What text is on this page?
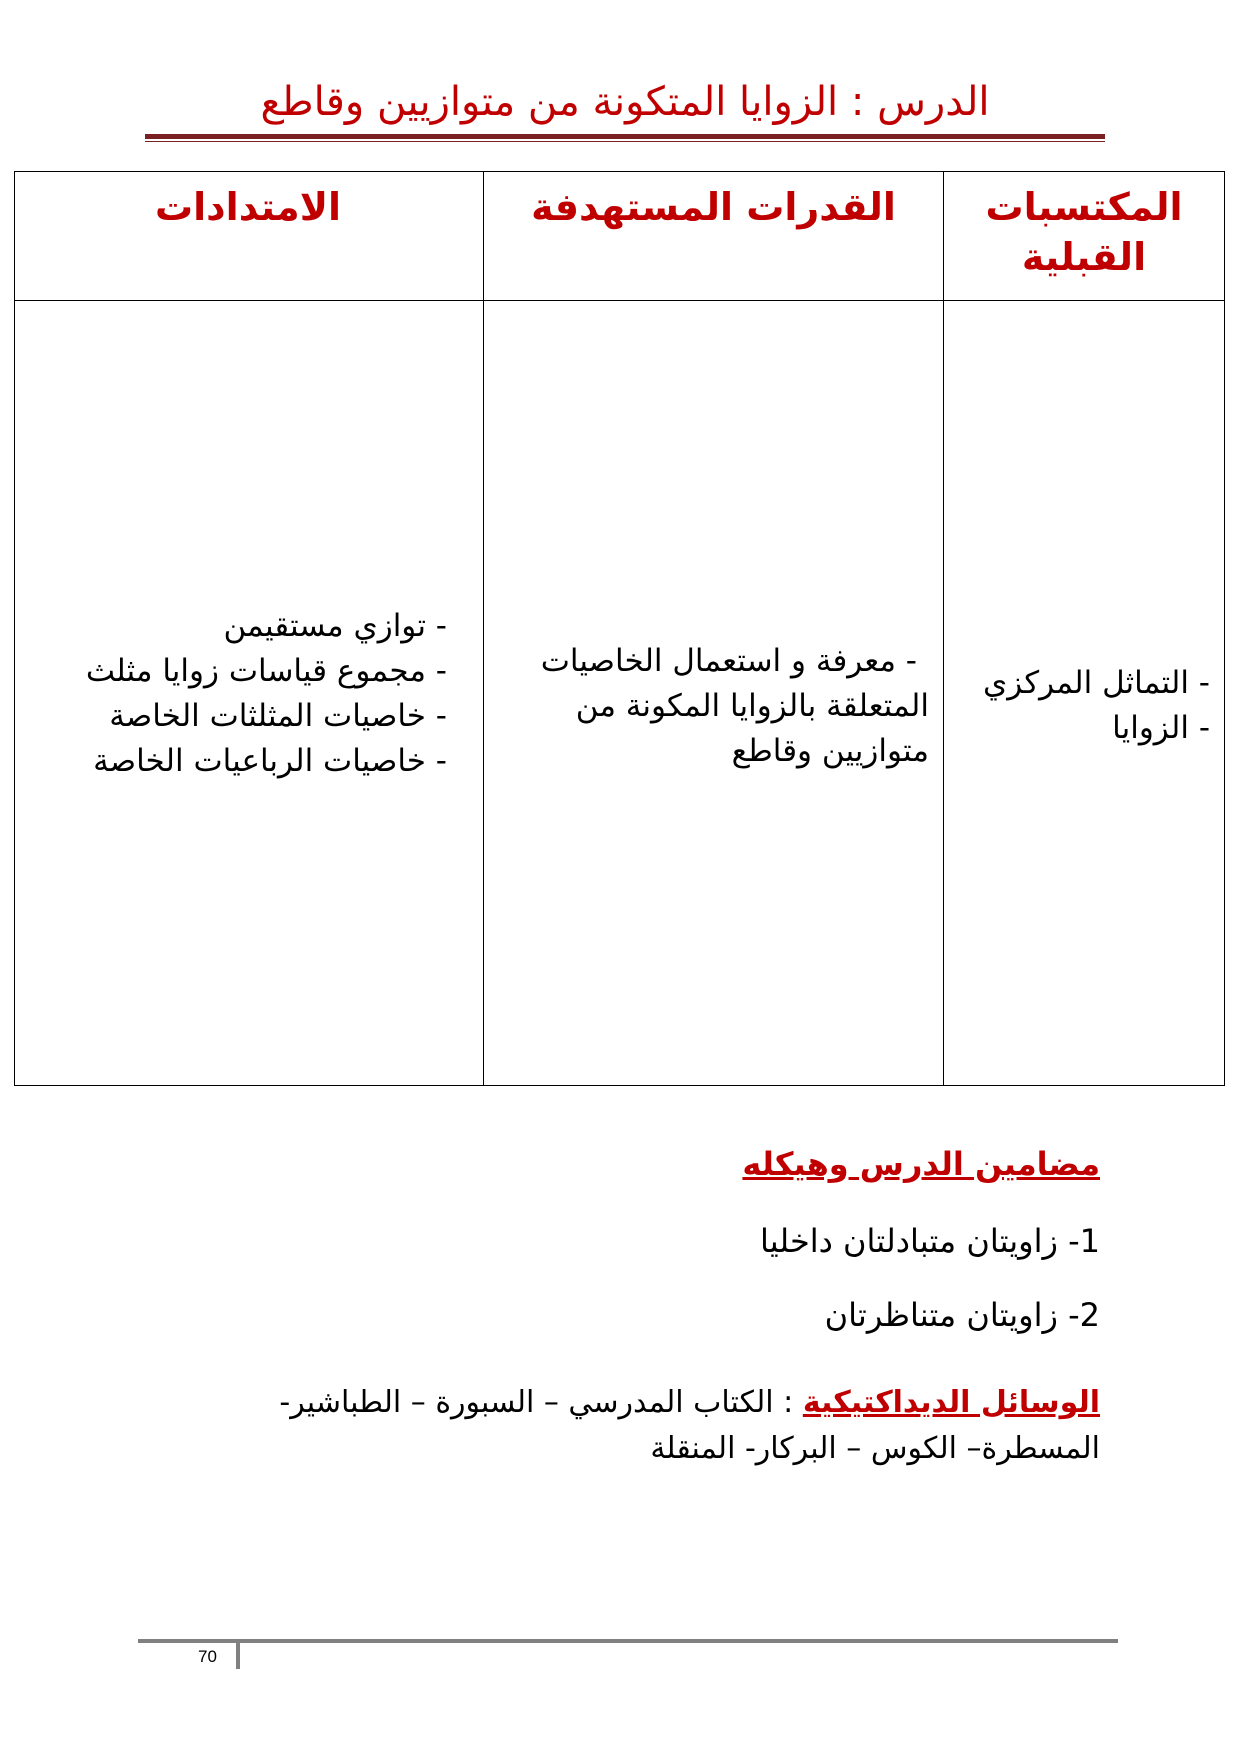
الدرس : الزوايا المتكونة من متوازيين وقاطع
المكتسبات القبلية
القدرات المستهدفة
الامتدادات
- التماثل المركزي
- الزوايا
- معرفة و استعمال الخاصيات
المتعلقة بالزوايا المكونة من
متوازيين وقاطع
- توازي مستقيمن
- مجموع قياسات زوايا مثلث
- خاصيات المثلثات الخاصة
- خاصيات الرباعيات الخاصة
مضامين الدرس وهيكله
1- زاويتان متبادلتان داخليا
2- زاويتان متناظرتان
الوسائل الديداكتيكية : الكتاب المدرسي – السبورة – الطباشير-
المسطرة– الكوس – البركار- المنقلة
70
